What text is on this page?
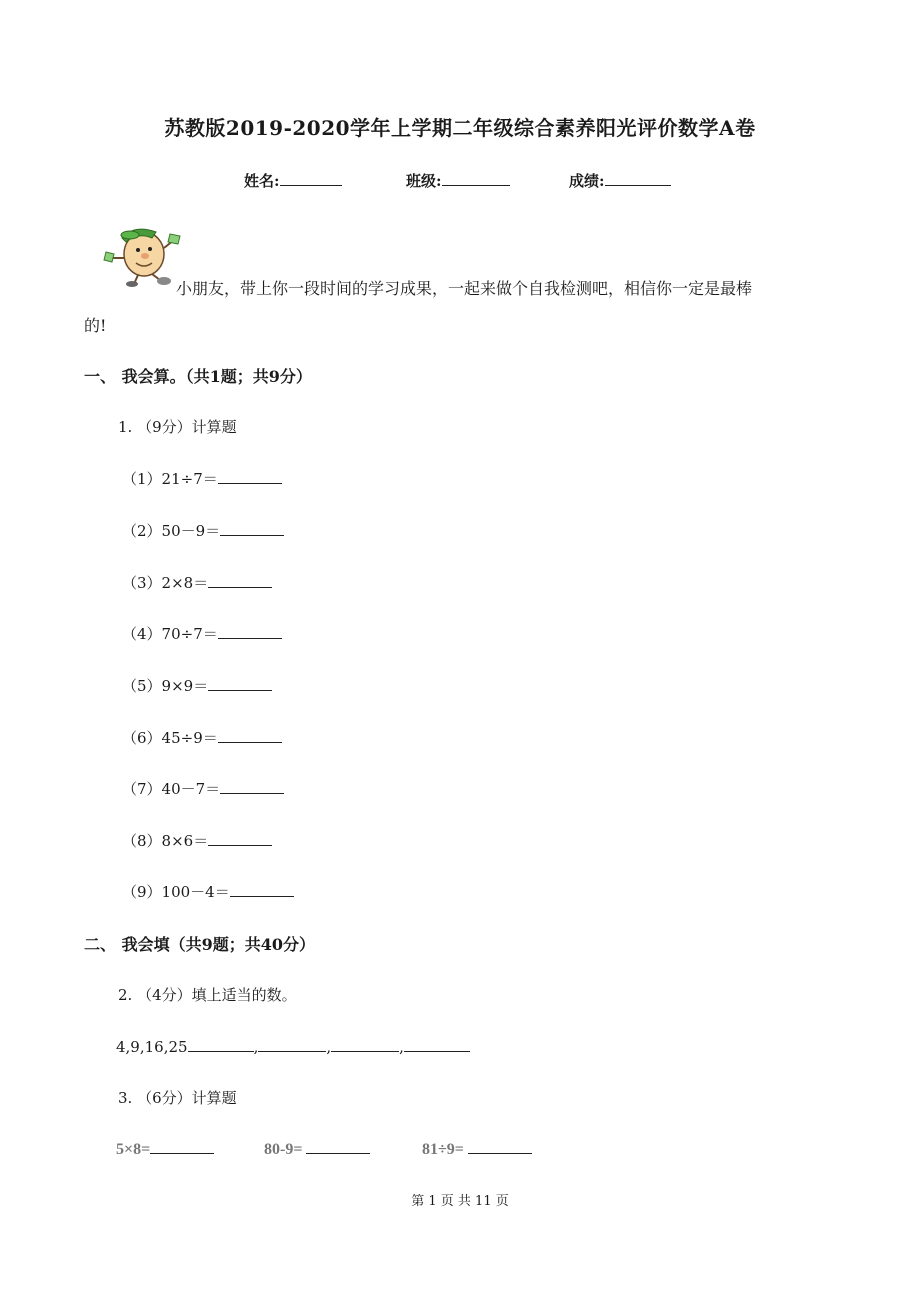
苏教版2019-2020学年上学期二年级综合素养阳光评价数学A卷
姓名:	班级:	成绩:
小朋友，带上你一段时间的学习成果，一起来做个自我检测吧，相信你一定是最棒
的!
一、 我会算。（共1题；共9分）
1. （9分）计算题
（1）21÷7＝
（2）50－9＝
（3）2×8＝
（4）70÷7＝
（5）9×9＝
（6）45÷9＝
（7）40－7＝
（8）8×6＝
（9）100－4＝
二、 我会填（共9题；共40分）
2. （4分）填上适当的数。
4,9,16,25	,	,	,
3. （6分）计算题
5×8=	80-9=	81÷9=
第 1 页 共 11 页
